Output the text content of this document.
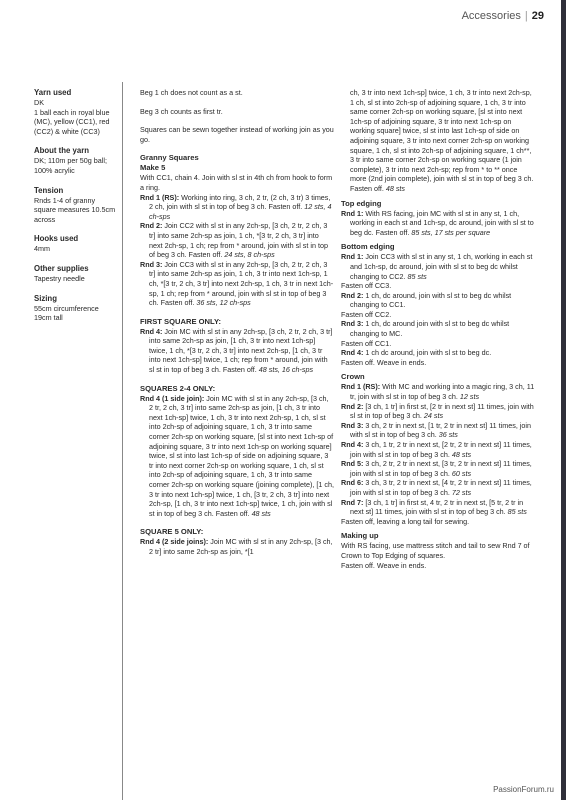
Accessories | 29
Yarn used

DK

1 ball each in royal blue (MC), yellow (CC1), red (CC2) & white (CC3)

About the yarn

DK; 110m per 50g ball; 100% acrylic

Tension

Rnds 1-4 of granny square measures 10.5cm across

Hooks used

4mm

Other supplies

Tapestry needle

Sizing

55cm circumference

19cm tall

Beg 1 ch does not count as a st.

Beg 3 ch counts as first tr.

Squares can be sewn together instead of working join as you go.

Granny Squares

Make 5

With CC1, chain 4. Join with sl st in 4th ch from hook to form a ring.

Rnd 1 (RS): Working into ring, 3 ch, 2 tr, (2 ch, 3 tr) 3 times, 2 ch, join with sl st in top of beg 3 ch. Fasten off. 12 sts, 4 ch-sps

Rnd 2: Join CC2 with sl st in any 2ch-sp, [3 ch, 2 tr, 2 ch, 3 tr] into same 2ch-sp as join, 1 ch, *[3 tr, 2 ch, 3 tr] into next 2ch-sp, 1 ch; rep from * around, join with sl st in top of beg 3 ch. Fasten off. 24 sts, 8 ch-sps

Rnd 3: Join CC3 with sl st in any 2ch-sp, [3 ch, 2 tr, 2 ch, 3 tr] into same 2ch-sp as join, 1 ch, 3 tr into next 1ch-sp, 1 ch, *[3 tr, 2 ch, 3 tr] into next 2ch-sp, 1 ch, 3 tr in next 1ch-sp, 1 ch; rep from * around, join with sl st in top of beg 3 ch. Fasten off. 36 sts, 12 ch-sps

FIRST SQUARE ONLY:

Rnd 4: Join MC with sl st in any 2ch-sp, [3 ch, 2 tr, 2 ch, 3 tr] into same 2ch-sp as join, [1 ch, 3 tr into next 1ch-sp] twice, 1 ch, *[3 tr, 2 ch, 3 tr] into next 2ch-sp, [1 ch, 3 tr into next 1ch-sp] twice, 1 ch; rep from * around, join with sl st in top of beg 3 ch. Fasten off. 48 sts, 16 ch-sps

SQUARES 2-4 ONLY:

Rnd 4 (1 side join): Join MC with sl st in any 2ch-sp, [3 ch, 2 tr, 2 ch, 3 tr] into same 2ch-sp as join, [1 ch, 3 tr into next 1ch-sp] twice, 1 ch, 3 tr into next 2ch-sp, 1 ch, sl st into 2ch-sp of adjoining square, 1 ch, 3 tr into same corner 2ch-sp on working square, [sl st into next 1ch-sp of adjoining square, 3 tr into next 1ch-sp on working square] twice, sl st into last 1ch-sp of side on adjoining square, 3 tr into next corner 2ch-sp on working square, 1 ch, sl st into 2ch-sp of adjoining square, 1 ch, 3 tr into same corner 2ch-sp on working square (joining complete), [1 ch, 3 tr into next 1ch-sp] twice, 1 ch, [3 tr, 2 ch, 3 tr] into next 2ch-sp, [1 ch, 3 tr into next 1ch-sp] twice, 1 ch, join with sl st in top of beg 3 ch. Fasten off. 48 sts

SQUARE 5 ONLY:

Rnd 4 (2 side joins): Join MC with sl st in any 2ch-sp, [3 ch, 2 tr] into same 2ch-sp as join, *[1

ch, 3 tr into next 1ch-sp] twice, 1 ch, 3 tr into next 2ch-sp, 1 ch, sl st into 2ch-sp of adjoining square, 1 ch, 3 tr into same corner 2ch-sp on working square, [sl st into next 1ch-sp of adjoining square, 3 tr into next 1ch-sp on working square] twice, sl st into last 1ch-sp of side on adjoining square, 3 tr into next corner 2ch-sp on working square, 1 ch, sl st into 2ch-sp of adjoining square, 1 ch**, 3 tr into same corner 2ch-sp on working square (1 join complete), 3 tr into next 2ch-sp; rep from * to ** once more (2nd join complete), join with sl st in top of beg 3 ch. Fasten off. 48 sts

Top edging

Rnd 1: With RS facing, join MC with sl st in any st, 1 ch, working in each st and 1ch-sp, dc around, join with sl st to beg dc. Fasten off. 85 sts, 17 sts per square

Bottom edging

Rnd 1: Join CC3 with sl st in any st, 1 ch, working in each st and 1ch-sp, dc around, join with sl st to beg dc whilst changing to CC2. 85 sts

Fasten off CC3.

Rnd 2: 1 ch, dc around, join with sl st to beg dc whilst changing to CC1.

Fasten off CC2.

Rnd 3: 1 ch, dc around join with sl st to beg dc whilst changing to MC.

Fasten off CC1.

Rnd 4: 1 ch dc around, join with sl st to beg dc.

Fasten off. Weave in ends.

Crown

Rnd 1 (RS): With MC and working into a magic ring, 3 ch, 11 tr, join with sl st in top of beg 3 ch. 12 sts

Rnd 2: [3 ch, 1 tr] in first st, [2 tr in next st] 11 times, join with sl st in top of beg 3 ch. 24 sts

Rnd 3: 3 ch, 2 tr in next st, [1 tr, 2 tr in next st] 11 times, join with sl st in top of beg 3 ch. 36 sts

Rnd 4: 3 ch, 1 tr, 2 tr in next st, [2 tr, 2 tr in next st] 11 times, join with sl st in top of beg 3 ch. 48 sts

Rnd 5: 3 ch, 2 tr, 2 tr in next st, [3 tr, 2 tr in next st] 11 times, join with sl st in top of beg 3 ch. 60 sts

Rnd 6: 3 ch, 3 tr, 2 tr in next st, [4 tr, 2 tr in next st] 11 times, join with sl st in top of beg 3 ch. 72 sts

Rnd 7: [3 ch, 1 tr] in first st, 4 tr, 2 tr in next st, [5 tr, 2 tr in next st] 11 times, join with sl st in top of beg 3 ch. 85 sts

Fasten off, leaving a long tail for sewing.

Making up

With RS facing, use mattress stitch and tail to sew Rnd 7 of Crown to Top Edging of squares.

Fasten off. Weave in ends.

PassionForum.ru
